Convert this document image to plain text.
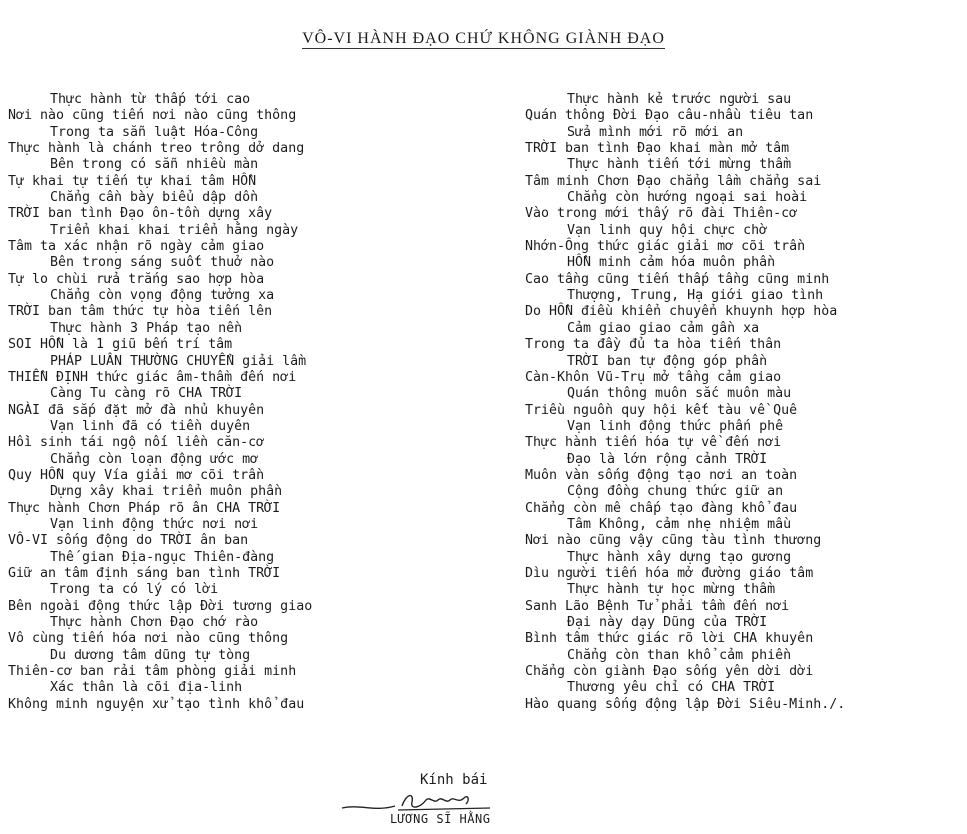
VÔ-VI HÀNH ĐẠO CHỨ KHÔNG GIÀNH ĐẠO
Thực hành từ thấp tới cao
Nơi nào cũng tiến nơi nào cũng thông
Trong ta sẵn luật Hóa-Công
Thực hành là chánh treo trông dở dang
Bên trong có sẵn nhiều màn
Tự khai tự tiến tự khai tâm HỒN
Chẳng cần bày biểu dập dồn
TRỜI ban tình Đạo ôn-tồn dựng xây
Triển khai khai triển hằng ngày
Tâm ta xác nhận rõ ngày cảm giao
Bên trong sáng suốt thuở nào
Tự lo chùi rửa trắng sao hợp hòa
Chẳng còn vọng động tưởng xa
TRỜI ban tâm thức tự hòa tiến lên
Thực hành 3 Pháp tạo nền
SOI HỒN là 1 giũ bến trí tâm
PHÁP LUÂN THƯỜNG CHUYỂN giải lầm
THIỀN ĐỊNH thức giác âm-thầm đến nơi
Càng Tu càng rõ CHA TRỜI
NGÀI đã sắp đặt mở đà nhủ khuyên
Vạn linh đã có tiền duyên
Hồi sinh tái ngộ nối liền căn-cơ
Chẳng còn loạn động ước mơ
Quy HỒN quy Vía giải mơ cõi trần
Dựng xây khai triển muôn phần
Thực hành Chơn Pháp rõ ân CHA TRỜI
Vạn linh động thức nơi nơi
VÔ-VI sống động do TRỜI ân ban
Thế gian Địa-ngục Thiên-đàng
Giữ an tâm định sáng ban tình TRỜI
Trong ta có lý có lời
Bên ngoài động thức lập Đời tương giao
Thực hành Chơn Đạo chớ rào
Vô cùng tiến hóa nơi nào cũng thông
Du dương tâm dũng tự tòng
Thiên-cơ ban rải tâm phòng giải minh
Xác thân là cõi địa-linh
Không minh nguyện xử tạo tình khổ đau
Thực hành kẻ trước người sau
Quán thông Đời Đạo câu-nhầu tiêu tan
Sửa mình mới rõ mới an
TRỜI ban tình Đạo khai màn mở tâm
Thực hành tiến tới mừng thầm
Tâm minh Chơn Đạo chẳng lầm chẳng sai
Chẳng còn hướng ngoại sai hoài
Vào trong mới thấy rõ đài Thiên-cơ
Vạn linh quy hội chực chờ
Nhớn-Ông thức giác giải mơ cõi trần
HỒN minh cảm hóa muôn phần
Cao tầng cũng tiến thấp tầng cũng minh
Thượng, Trung, Hạ giới giao tình
Do HỒN điều khiển chuyển khuynh hợp hòa
Cảm giao giao cảm gần xa
Trong ta đầy đủ ta hòa tiến thân
TRỜI ban tự động góp phần
Càn-Khôn Vũ-Trụ mở tầng cảm giao
Quán thông muôn sắc muôn màu
Triều nguồn quy hội kết tàu về Quê
Vạn linh động thức phấn phê
Thực hành tiến hóa tự về đến nơi
Đạo là lớn rộng cảnh TRỜI
Muôn vàn sống động tạo nơi an toàn
Cộng đồng chung thức giữ an
Chẳng còn mê chấp tạo đàng khổ đau
Tâm Không, cảm nhẹ nhiệm mầu
Nơi nào cũng vậy cũng tàu tình thương
Thực hành xây dựng tạo gương
Dìu người tiến hóa mở đường giáo tâm
Thực hành tự học mừng thầm
Sanh Lão Bệnh Tử phải tầm đến nơi
Đại này dạy Dũng của TRỜI
Bình tâm thức giác rõ lời CHA khuyên
Chẳng còn than khổ cảm phiền
Chẳng còn giành Đạo sống yên dời dời
Thương yêu chỉ có CHA TRỜI
Hào quang sống động lập Đời Siêu-Minh./.
Kính bái
LƯƠNG SĨ HẰNG
